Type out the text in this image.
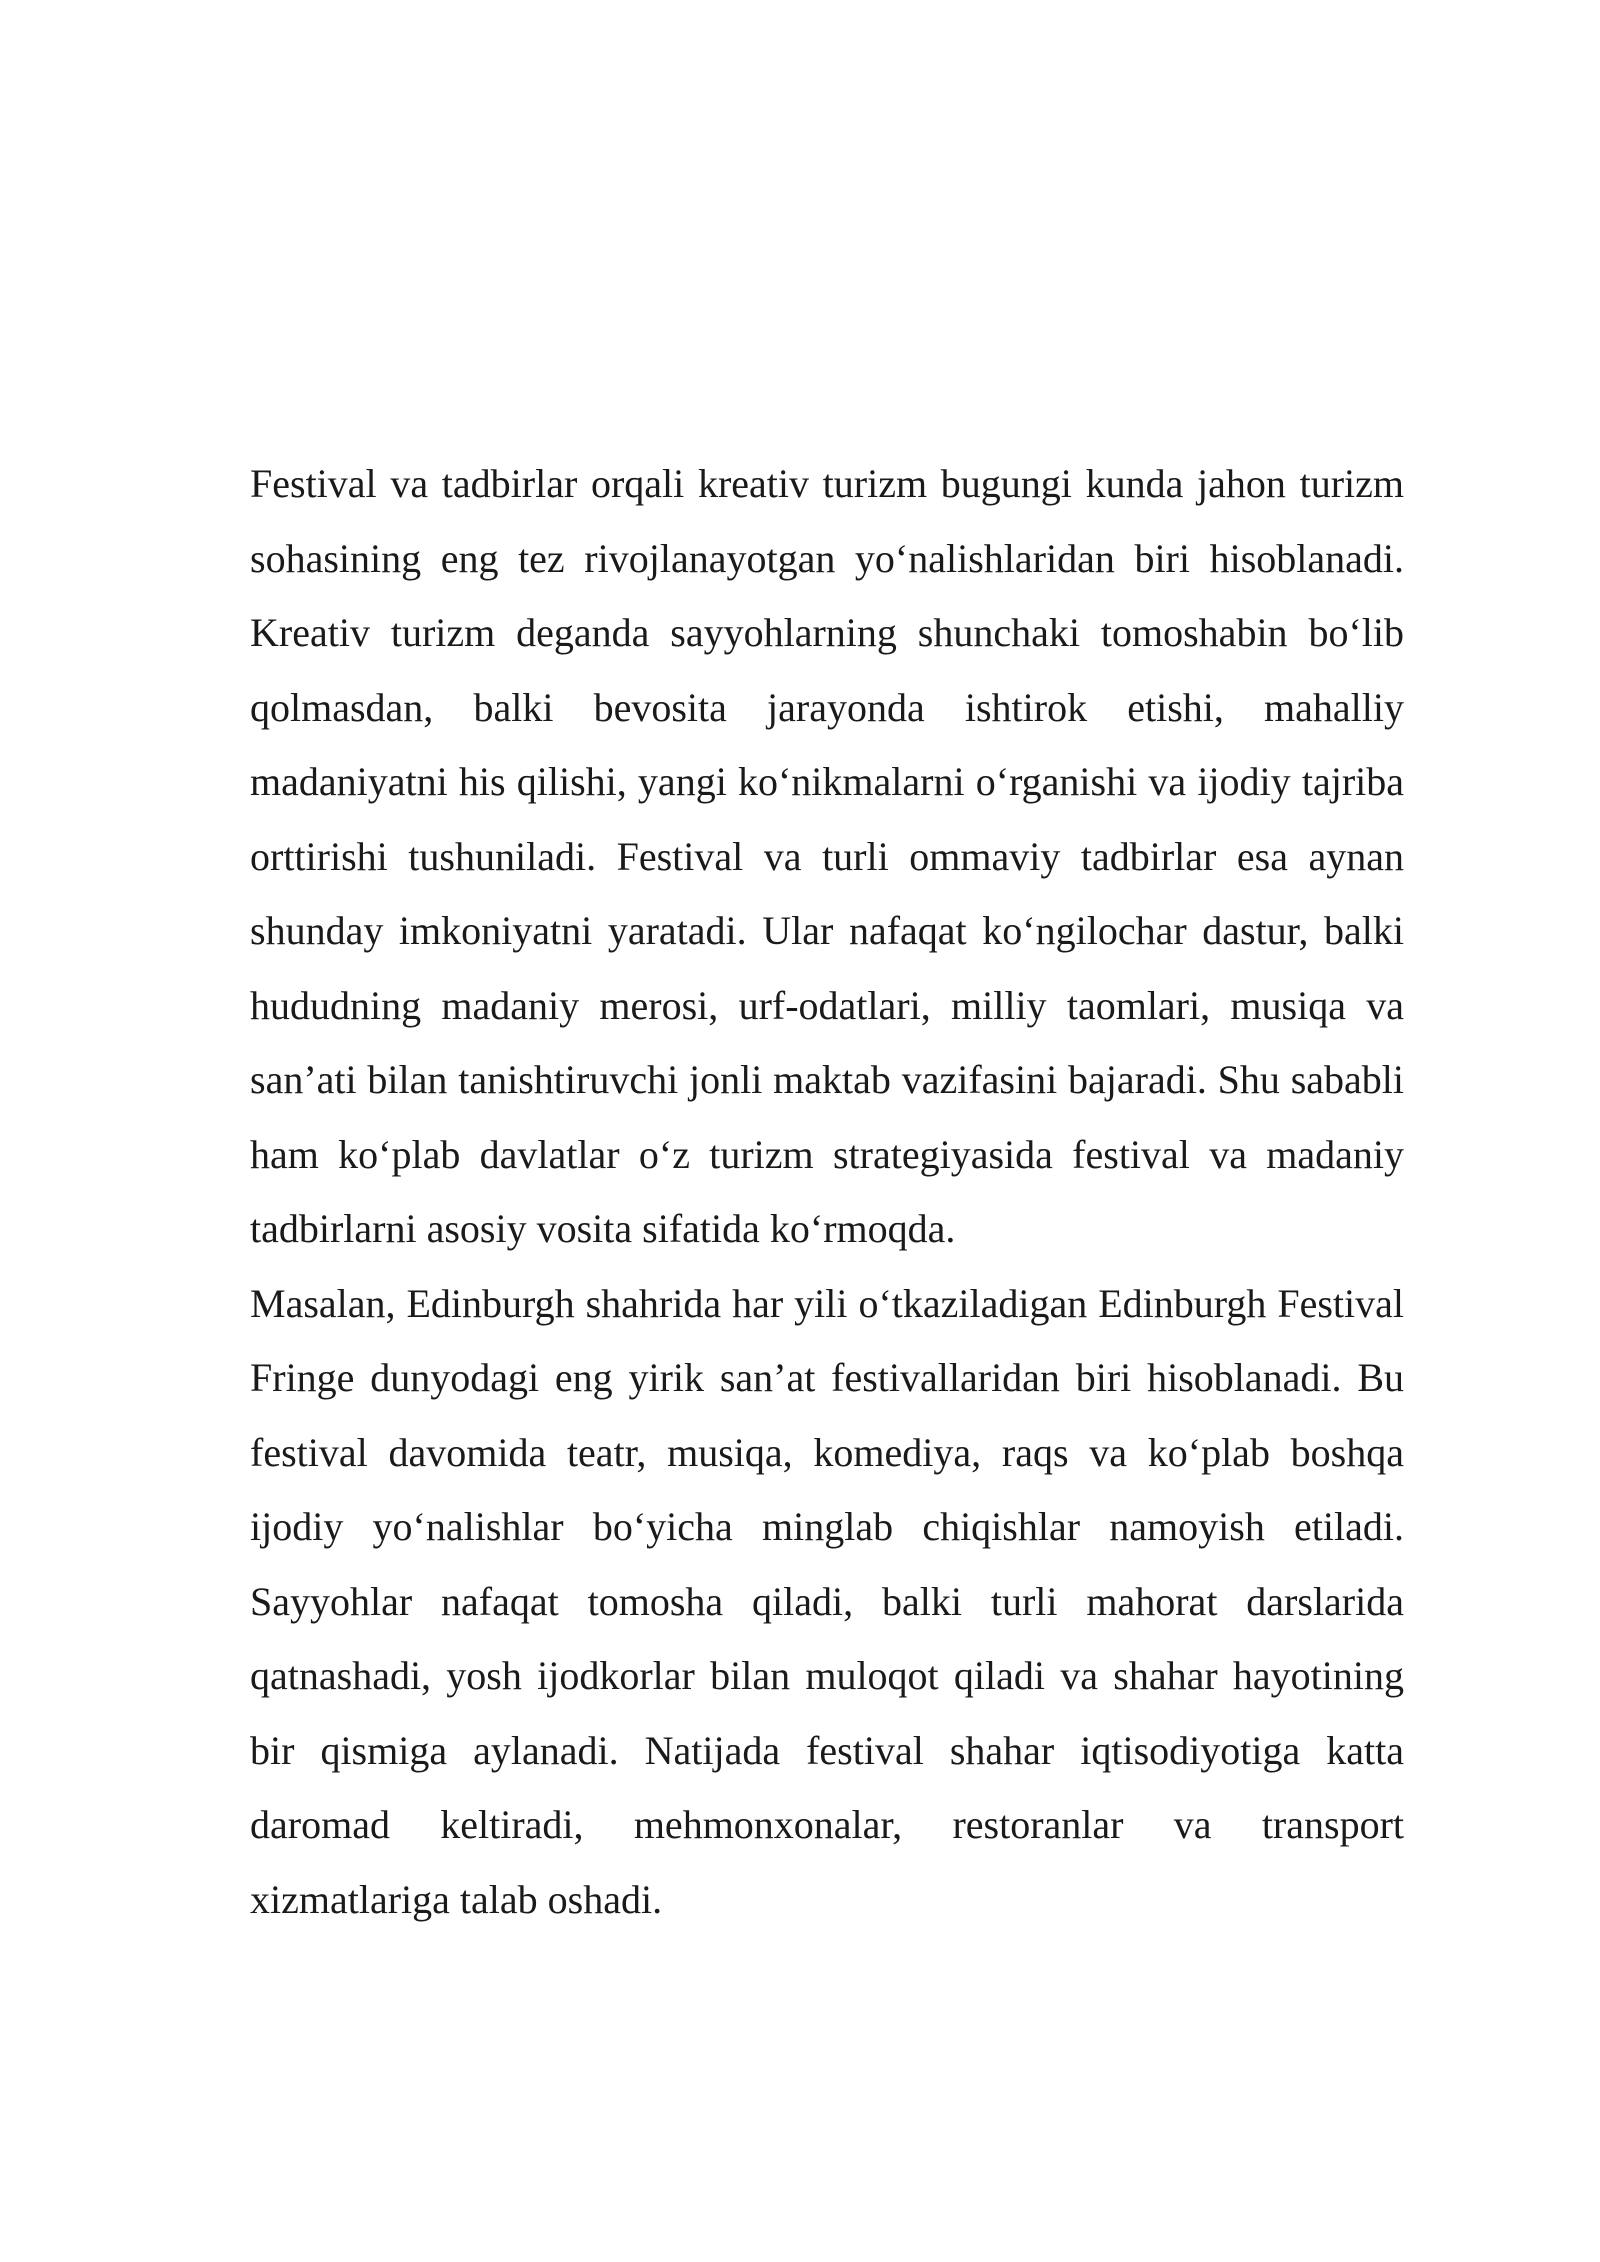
Festival va tadbirlar orqali kreativ turizm bugungi kunda jahon turizm sohasining eng tez rivojlanayotgan yo‘nalishlaridan biri hisoblanadi. Kreativ turizm deganda sayyohlarning shunchaki tomoshabin bo‘lib qolmasdan, balki bevosita jarayonda ishtirok etishi, mahalliy madaniyatni his qilishi, yangi ko‘nikmalarni o‘rganishi va ijodiy tajriba orttirishi tushuniladi. Festival va turli ommaviy tadbirlar esa aynan shunday imkoniyatni yaratadi. Ular nafaqat ko‘ngilochar dastur, balki hududning madaniy merosi, urf-odatlari, milliy taomlari, musiqa va san’ati bilan tanishtiruvchi jonli maktab vazifasini bajaradi. Shu sababli ham ko‘plab davlatlar o‘z turizm strategiyasida festival va madaniy tadbirlarni asosiy vosita sifatida ko‘rmoqda.

Masalan, Edinburgh shahrida har yili o‘tkaziladigan Edinburgh Festival Fringe dunyodagi eng yirik san’at festivallaridan biri hisoblanadi. Bu festival davomida teatr, musiqa, komediya, raqs va ko‘plab boshqa ijodiy yo‘nalishlar bo‘yicha minglab chiqishlar namoyish etiladi. Sayyohlar nafaqat tomosha qiladi, balki turli mahorat darslarida qatnashadi, yosh ijodkorlar bilan muloqot qiladi va shahar hayotining bir qismiga aylanadi. Natijada festival shahar iqtisodiyotiga katta daromad keltiradi, mehmonxonalar, restoranlar va transport xizmatlariga talab oshadi.
